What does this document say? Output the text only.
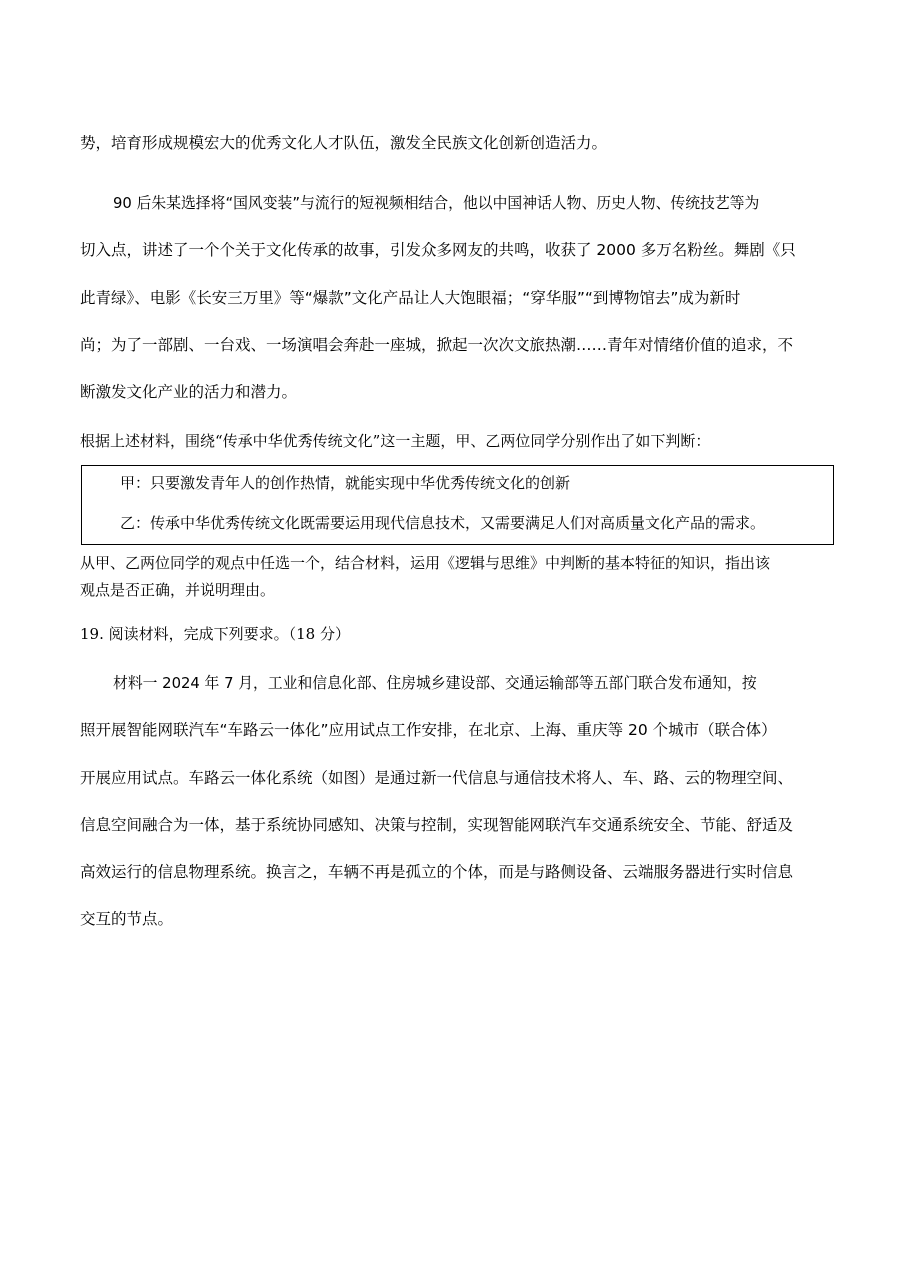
势，培育形成规模宏大的优秀文化人才队伍，激发全民族文化创新创造活力。

90 后朱某选择将“国风变装”与流行的短视频相结合，他以中国神话人物、历史人物、传统技艺等为

切入点，讲述了一个个关于文化传承的故事，引发众多网友的共鸣，收获了 2000 多万名粉丝。舞剧《只

此青绿》、电影《长安三万里》等“爆款”文化产品让人大饱眼福；“穿华服”“到博物馆去”成为新时

尚；为了一部剧、一台戏、一场演唱会奔赴一座城，掀起一次次文旅热潮……青年对情绪价值的追求，不

断激发文化产业的活力和潜力。

根据上述材料，围绕“传承中华优秀传统文化”这一主题，甲、乙两位同学分别作出了如下判断：

甲：只要激发青年人的创作热情，就能实现中华优秀传统文化的创新

乙：传承中华优秀传统文化既需要运用现代信息技术，又需要满足人们对高质量文化产品的需求。

从甲、乙两位同学的观点中任选一个，结合材料，运用《逻辑与思维》中判断的基本特征的知识，指出该

观点是否正确，并说明理由。

19. 阅读材料，完成下列要求。（18 分）

材料一 2024 年 7 月，工业和信息化部、住房城乡建设部、交通运输部等五部门联合发布通知，按

照开展智能网联汽车“车路云一体化”应用试点工作安排，在北京、上海、重庆等 20 个城市（联合体）

开展应用试点。车路云一体化系统（如图）是通过新一代信息与通信技术将人、车、路、云的物理空间、

信息空间融合为一体，基于系统协同感知、决策与控制，实现智能网联汽车交通系统安全、节能、舒适及

高效运行的信息物理系统。换言之，车辆不再是孤立的个体，而是与路侧设备、云端服务器进行实时信息

交互的节点。
